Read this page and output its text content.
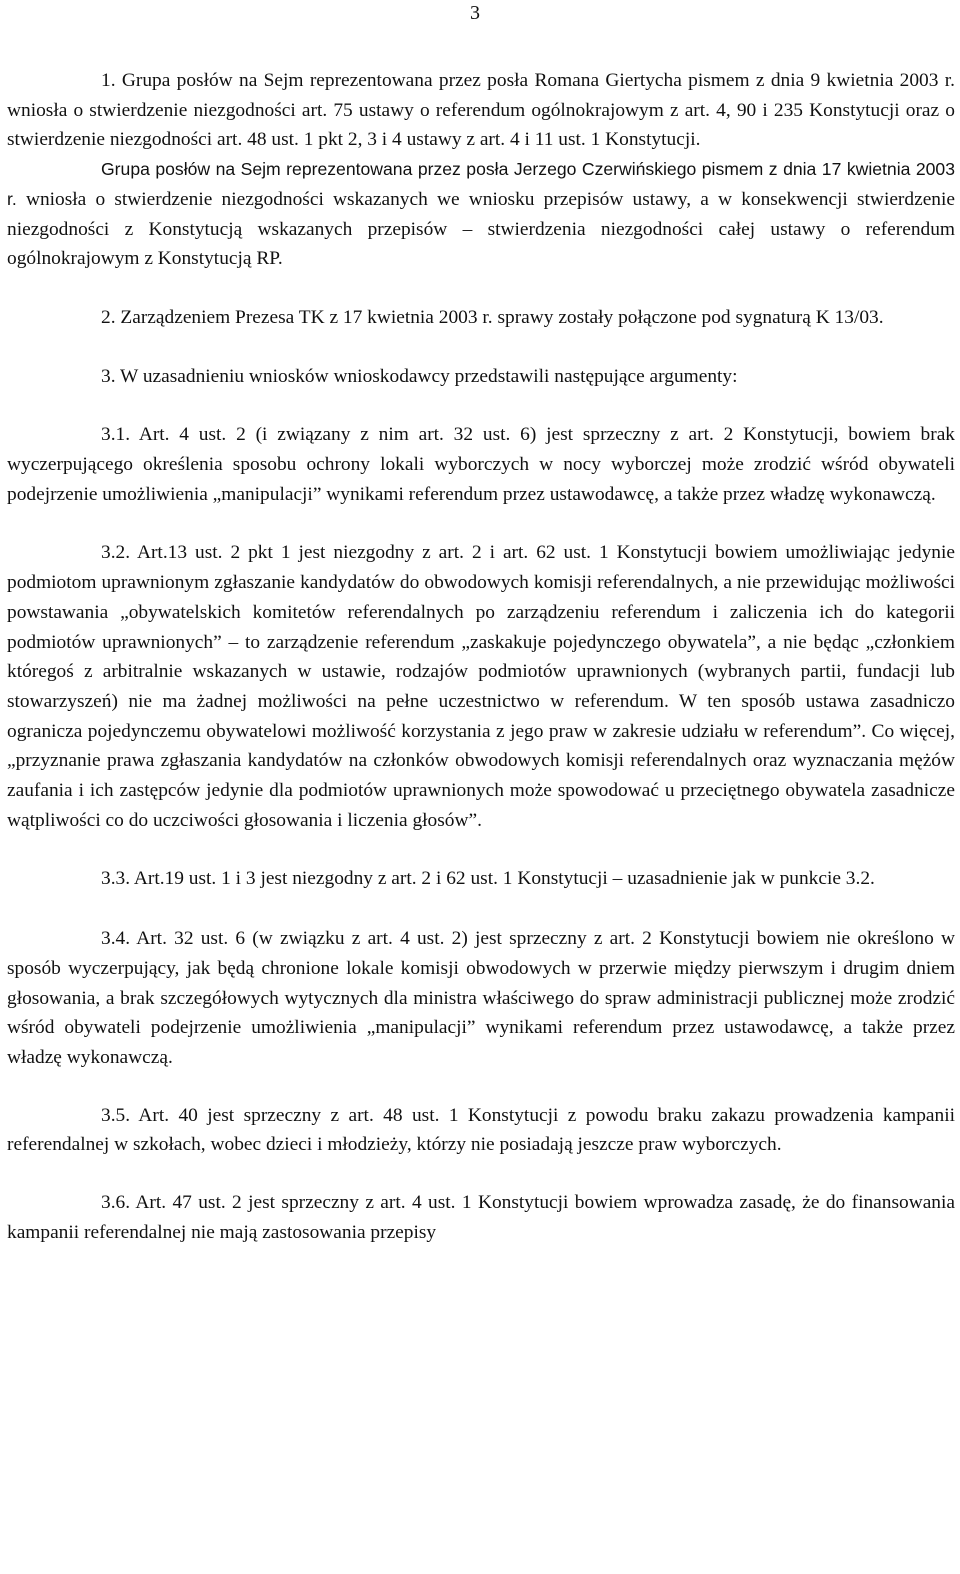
3

1. Grupa posłów na Sejm reprezentowana przez posła Romana Giertycha pismem z dnia 9 kwietnia 2003 r. wniosła o stwierdzenie niezgodności art. 75 ustawy o referendum ogólnokrajowym z art. 4, 90 i 235 Konstytucji oraz o stwierdzenie niezgodności art. 48 ust. 1 pkt 2, 3 i 4 ustawy z art. 4 i 11 ust. 1 Konstytucji.

Grupa posłów na Sejm reprezentowana przez posła Jerzego Czerwińskiego pismem z dnia 17 kwietnia 2003 r. wniosła o stwierdzenie niezgodności wskazanych we wniosku przepisów ustawy, a w konsekwencji stwierdzenie niezgodności z Konstytucją wskazanych przepisów – stwierdzenia niezgodności całej ustawy o referendum ogólnokrajowym z Konstytucją RP.

2. Zarządzeniem Prezesa TK z 17 kwietnia 2003 r. sprawy zostały połączone pod sygnaturą K 13/03.

3. W uzasadnieniu wniosków wnioskodawcy przedstawili następujące argumenty:

3.1. Art. 4 ust. 2 (i związany z nim art. 32 ust. 6) jest sprzeczny z art. 2 Konstytucji, bowiem brak wyczerpującego określenia sposobu ochrony lokali wyborczych w nocy wyborczej może zrodzić wśród obywateli podejrzenie umożliwienia „manipulacji” wynikami referendum przez ustawodawcę, a także przez władzę wykonawczą.

3.2. Art.13 ust. 2 pkt 1 jest niezgodny z art. 2 i art. 62 ust. 1 Konstytucji bowiem umożliwiając jedynie podmiotom uprawnionym zgłaszanie kandydatów do obwodowych komisji referendalnych, a nie przewidując możliwości powstawania „obywatelskich komitetów referendalnych po zarządzeniu referendum i zaliczenia ich do kategorii podmiotów uprawnionych” – to zarządzenie referendum „zaskakuje pojedynczego obywatela”, a nie będąc „członkiem któregoś z arbitralnie wskazanych w ustawie, rodzajów podmiotów uprawnionych (wybranych partii, fundacji lub stowarzyszeń) nie ma żadnej możliwości na pełne uczestnictwo w referendum. W ten sposób ustawa zasadniczo ogranicza pojedynczemu obywatelowi możliwość korzystania z jego praw w zakresie udziału w referendum”. Co więcej, „przyznanie prawa zgłaszania kandydatów na członków obwodowych komisji referendalnych oraz wyznaczania mężów zaufania i ich zastępców jedynie dla podmiotów uprawnionych może spowodować u przeciętnego obywatela zasadnicze wątpliwości co do uczciwości głosowania i liczenia głosów”.

3.3. Art.19 ust. 1 i 3 jest niezgodny z art. 2 i 62 ust. 1 Konstytucji – uzasadnienie jak w punkcie 3.2.

3.4. Art. 32 ust. 6 (w związku z art. 4 ust. 2) jest sprzeczny z art. 2 Konstytucji bowiem nie określono w sposób wyczerpujący, jak będą chronione lokale komisji obwodowych w przerwie między pierwszym i drugim dniem głosowania, a brak szczegółowych wytycznych dla ministra właściwego do spraw administracji publicznej może zrodzić wśród obywateli podejrzenie umożliwienia „manipulacji” wynikami referendum przez ustawodawcę, a także przez władzę wykonawczą.

3.5. Art. 40 jest sprzeczny z art. 48 ust. 1 Konstytucji z powodu braku zakazu prowadzenia kampanii referendalnej w szkołach, wobec dzieci i młodzieży, którzy nie posiadają jeszcze praw wyborczych.

3.6. Art. 47 ust. 2 jest sprzeczny z art. 4 ust. 1 Konstytucji bowiem wprowadza zasadę, że do finansowania kampanii referendalnej nie mają zastosowania przepisy
